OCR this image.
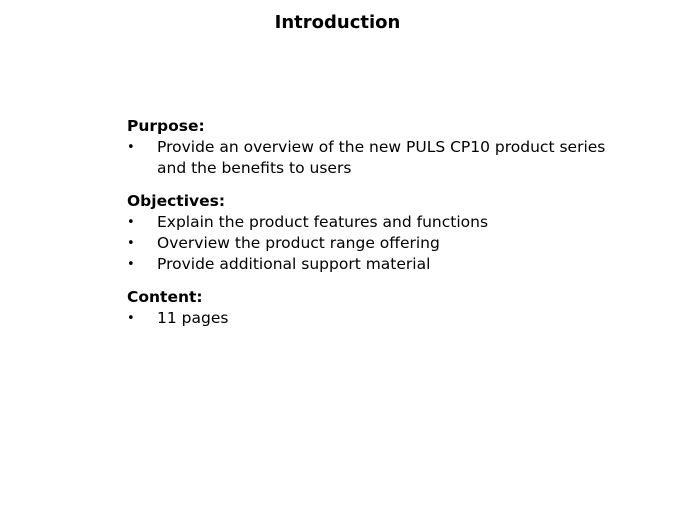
Introduction

Purpose:

•	Provide an overview of the new PULS CP10 product series and the benefits to users

Objectives:

•	Explain the product features and functions
•	Overview the product range offering
•	Provide additional support material

Content:

•	11 pages
